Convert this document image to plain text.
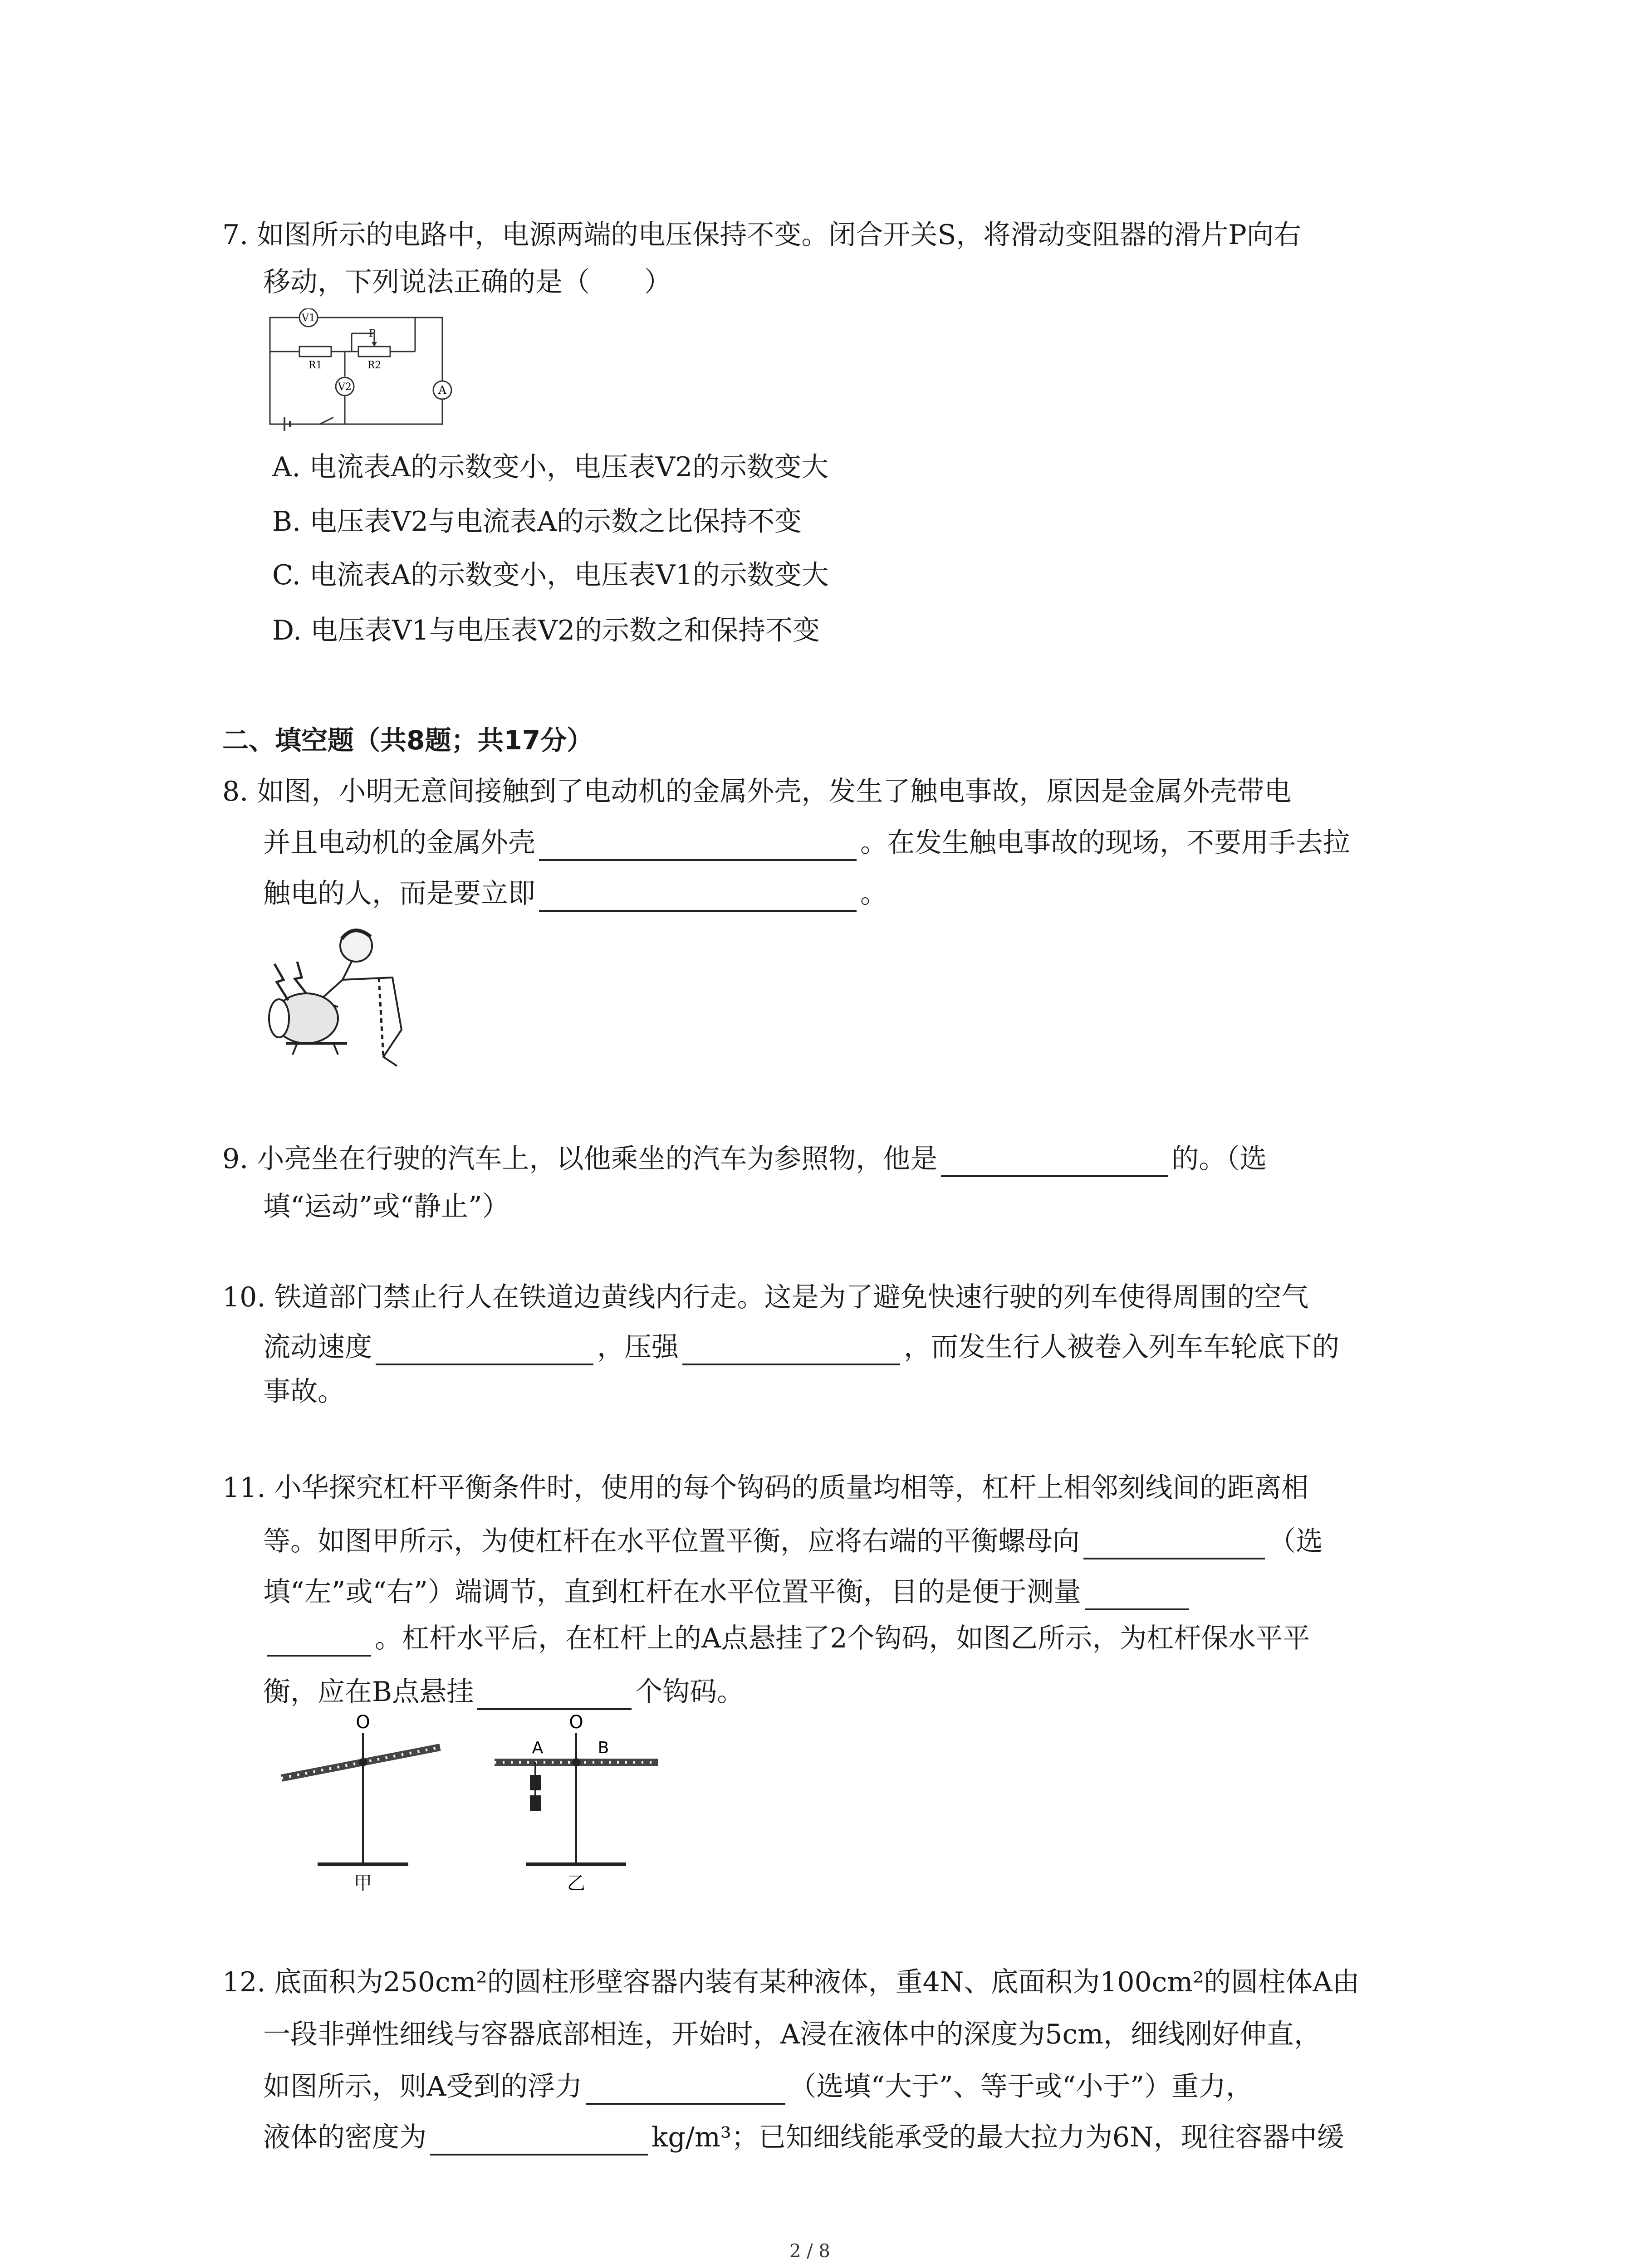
7. 如图所示的电路中，电源两端的电压保持不变。闭合开关S，将滑动变阻器的滑片P向右
移动，下列说法正确的是（　　）
V1
V2	A
R1	R2
P
A. 电流表A的示数变小，电压表V2的示数变大
B. 电压表V2与电流表A的示数之比保持不变
C. 电流表A的示数变小，电压表V1的示数变大
D. 电压表V1与电压表V2的示数之和保持不变
二、填空题（共8题；共17分）
8. 如图，小明无意间接触到了电动机的金属外壳，发生了触电事故，原因是金属外壳带电
并且电动机的金属外壳	。在发生触电事故的现场，不要用手去拉
触电的人，而是要立即	。
9. 小亮坐在行驶的汽车上，以他乘坐的汽车为参照物，他是	的。（选
填“运动”或“静止”）
10. 铁道部门禁止行人在铁道边黄线内行走。这是为了避免快速行驶的列车使得周围的空气
流动速度	，压强	，而发生行人被卷入列车车轮底下的
事故。
11. 小华探究杠杆平衡条件时，使用的每个钩码的质量均相等，杠杆上相邻刻线间的距离相
等。如图甲所示，为使杠杆在水平位置平衡，应将右端的平衡螺母向	（选
填“左”或“右”）端调节，直到杠杆在水平位置平衡，目的是便于测量
。杠杆水平后，在杠杆上的A点悬挂了2个钩码，如图乙所示，为杠杆保水平平
衡，应在B点悬挂	个钩码。
O	O
A	B
甲	乙
12. 底面积为250cm²的圆柱形壁容器内装有某种液体，重4N、底面积为100cm²的圆柱体A由
一段非弹性细线与容器底部相连，开始时，A浸在液体中的深度为5cm，细线刚好伸直，
如图所示，则A受到的浮力	（选填“大于”、等于或“小于”）重力，
液体的密度为	kg/m³；已知细线能承受的最大拉力为6N，现往容器中缓
2 / 8
